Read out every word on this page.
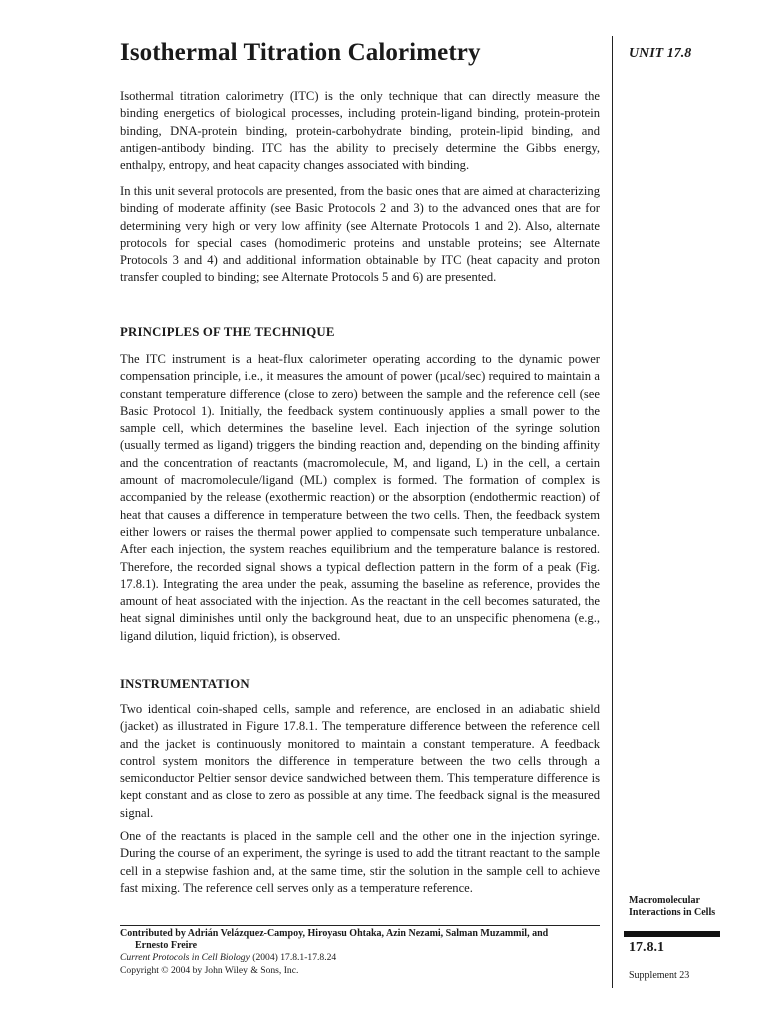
Isothermal Titration Calorimetry

Isothermal titration calorimetry (ITC) is the only technique that can directly measure the binding energetics of biological processes, including protein-ligand binding, protein-protein binding, DNA-protein binding, protein-carbohydrate binding, protein-lipid binding, and antigen-antibody binding. ITC has the ability to precisely determine the Gibbs energy, enthalpy, entropy, and heat capacity changes associated with binding.

In this unit several protocols are presented, from the basic ones that are aimed at characterizing binding of moderate affinity (see Basic Protocols 2 and 3) to the advanced ones that are for determining very high or very low affinity (see Alternate Protocols 1 and 2). Also, alternate protocols for special cases (homodimeric proteins and unstable proteins; see Alternate Protocols 3 and 4) and additional information obtainable by ITC (heat capacity and proton transfer coupled to binding; see Alternate Protocols 5 and 6) are presented.

PRINCIPLES OF THE TECHNIQUE

The ITC instrument is a heat-flux calorimeter operating according to the dynamic power compensation principle, i.e., it measures the amount of power (µcal/sec) required to maintain a constant temperature difference (close to zero) between the sample and the reference cell (see Basic Protocol 1). Initially, the feedback system continuously applies a small power to the sample cell, which determines the baseline level. Each injection of the syringe solution (usually termed as ligand) triggers the binding reaction and, depending on the binding affinity and the concentration of reactants (macromolecule, M, and ligand, L) in the cell, a certain amount of macromolecule/ligand (ML) complex is formed. The formation of complex is accompanied by the release (exothermic reaction) or the absorption (endothermic reaction) of heat that causes a difference in temperature between the two cells. Then, the feedback system either lowers or raises the thermal power applied to compensate such temperature unbalance. After each injection, the system reaches equilibrium and the temperature balance is restored. Therefore, the recorded signal shows a typical deflection pattern in the form of a peak (Fig. 17.8.1). Integrating the area under the peak, assuming the baseline as reference, provides the amount of heat associated with the injection. As the reactant in the cell becomes saturated, the heat signal diminishes until only the background heat, due to an unspecific phenomena (e.g., ligand dilution, liquid friction), is observed.

INSTRUMENTATION

Two identical coin-shaped cells, sample and reference, are enclosed in an adiabatic shield (jacket) as illustrated in Figure 17.8.1. The temperature difference between the reference cell and the jacket is continuously monitored to maintain a constant temperature. A feedback control system monitors the difference in temperature between the two cells through a semiconductor Peltier sensor device sandwiched between them. This temperature difference is kept constant and as close to zero as possible at any time. The feedback signal is the measured signal.

One of the reactants is placed in the sample cell and the other one in the injection syringe. During the course of an experiment, the syringe is used to add the titrant reactant to the sample cell in a stepwise fashion and, at the same time, stir the solution in the sample cell to achieve fast mixing. The reference cell serves only as a temperature reference.

Contributed by Adrián Velázquez-Campoy, Hiroyasu Ohtaka, Azin Nezami, Salman Muzammil, and
Ernesto Freire

Current Protocols in Cell Biology (2004) 17.8.1-17.8.24

Copyright © 2004 by John Wiley & Sons, Inc.

UNIT 17.8

Macromolecular Interactions in Cells

17.8.1

Supplement 23
